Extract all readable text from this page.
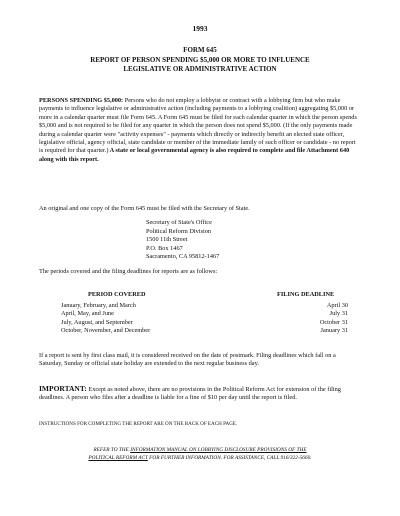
1993
FORM 645
REPORT OF PERSON SPENDING $5,000 OR MORE TO INFLUENCE
LEGISLATIVE OR ADMINISTRATIVE ACTION
PERSONS SPENDING $5,000: Persons who do not employ a lobbyist or contract with a lobbying firm but who make payments to influence legislative or administrative action (including payments to a lobbying coalition) aggregating $5,000 or more in a calendar quarter must file Form 645. A Form 645 must be filed for each calendar quarter in which the person spends $5,000 and is not required to be filed for any quarter in which the person does not spend $5,000. (If the only payments made during a calendar quarter were "activity expenses" - payments which directly or indirectly benefit an elected state officer, legislative official, agency official, state candidate or member of the immediate family of such officer or candidate - no report is required for that quarter.) A state or local governmental agency is also required to complete and file Attachment 640 along with this report.
An original and one copy of the Form 645 must be filed with the Secretary of State.
Secretary of State's Office
Political Reform Division
1500 11th Street
P.O. Box 1467
Sacramento, CA 95812-1467
The periods covered and the filing deadlines for reports are as follows:
PERIOD COVERED	FILING DEADLINE
January, February, and March
April, May, and June
July, August, and September
October, November, and December
April 30
July 31
October 31
January 31
If a report is sent by first class mail, it is considered received on the date of postmark. Filing deadlines which fall on a Saturday, Sunday or official state holiday are extended to the next regular business day.
IMPORTANT: Except as noted above, there are no provisions in the Political Reform Act for extension of the filing deadlines. A person who files after a deadline is liable for a fine of $10 per day until the report is filed.
INSTRUCTIONS FOR COMPLETING THE REPORT ARE ON THE BACK OF EACH PAGE.
REFER TO THE INFORMATION MANUAL ON LOBBYING DISCLOSURE PROVISIONS OF THE
POLITICAL REFORM ACT FOR FURTHER INFORMATION. FOR ASSISTANCE, CALL 916/322-5660.
